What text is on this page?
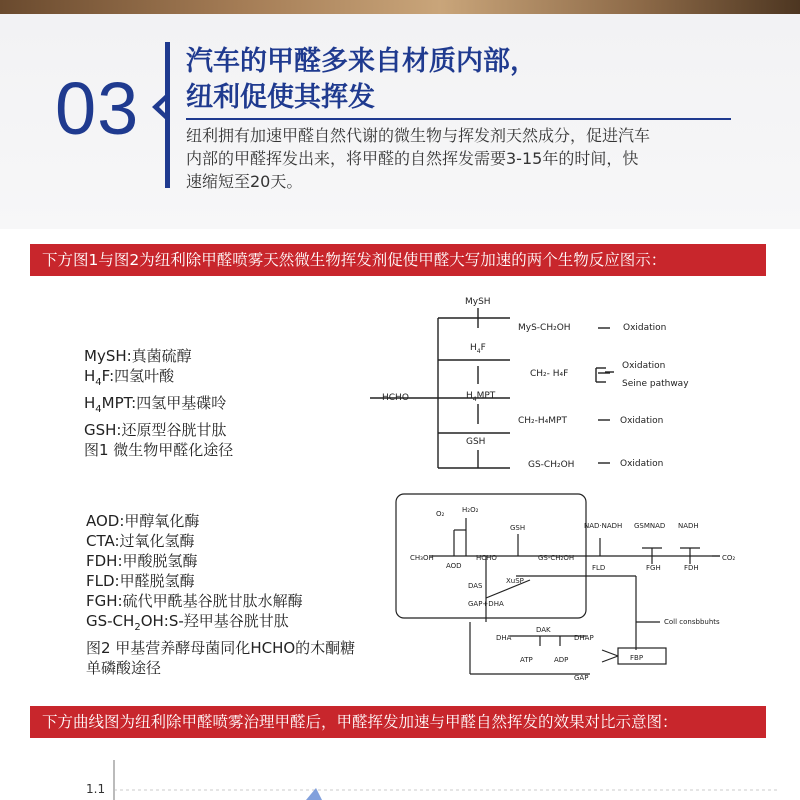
03
汽车的甲醛多来自材质内部，
纽利促使其挥发
纽利拥有加速甲醛自然代谢的微生物与挥发剂天然成分，促进汽车
内部的甲醛挥发出来，将甲醛的自然挥发需要3-15年的时间，快
速缩短至20天。
下方图1与图2为纽利除甲醛喷雾天然微生物挥发剂促使甲醛大写加速的两个生物反应图示：
MySH:真菌硫醇
$H_4F$:四氢叶酸
$H_4MPT$:四氢甲基碟呤
GSH:还原型谷胱甘肽
图1 微生物甲醛化途径
MySH
HCHO
$H_4F$
$H_4MPT$
GSH
MyS-CH₂OH
CH₂- H₄F
CH₂-H₄MPT
GS-CH₂OH
Oxidation
Oxidation
Seine pathway
Oxidation
Oxidation
AOD:甲醇氧化酶
CTA:过氧化氢酶
FDH:甲酸脱氢酶
FLD:甲醛脱氢酶
FGH:硫代甲酰基谷胱甘肽水解酶
$GS-CH_2OH:S-$羟甲基谷胱甘肽
图2 甲基营养酵母菌同化HCHO的木酮糖
单磷酸途径
O₂	H₂O₂
GSH
CH₃OH	HCHO	GS-CH₂OH
AOD
DAS
XuSP
GAP+DHA
NAD·NADH GSMNAD NADH
FLD	FGH	FDH
CO₂
DHA
DAK
DHAP
ATP	ADP
GAP
FBP
Coll consbbuhts
下方曲线图为纽利除甲醛喷雾治理甲醛后，甲醛挥发加速与甲醛自然挥发的效果对比示意图：
1.1
